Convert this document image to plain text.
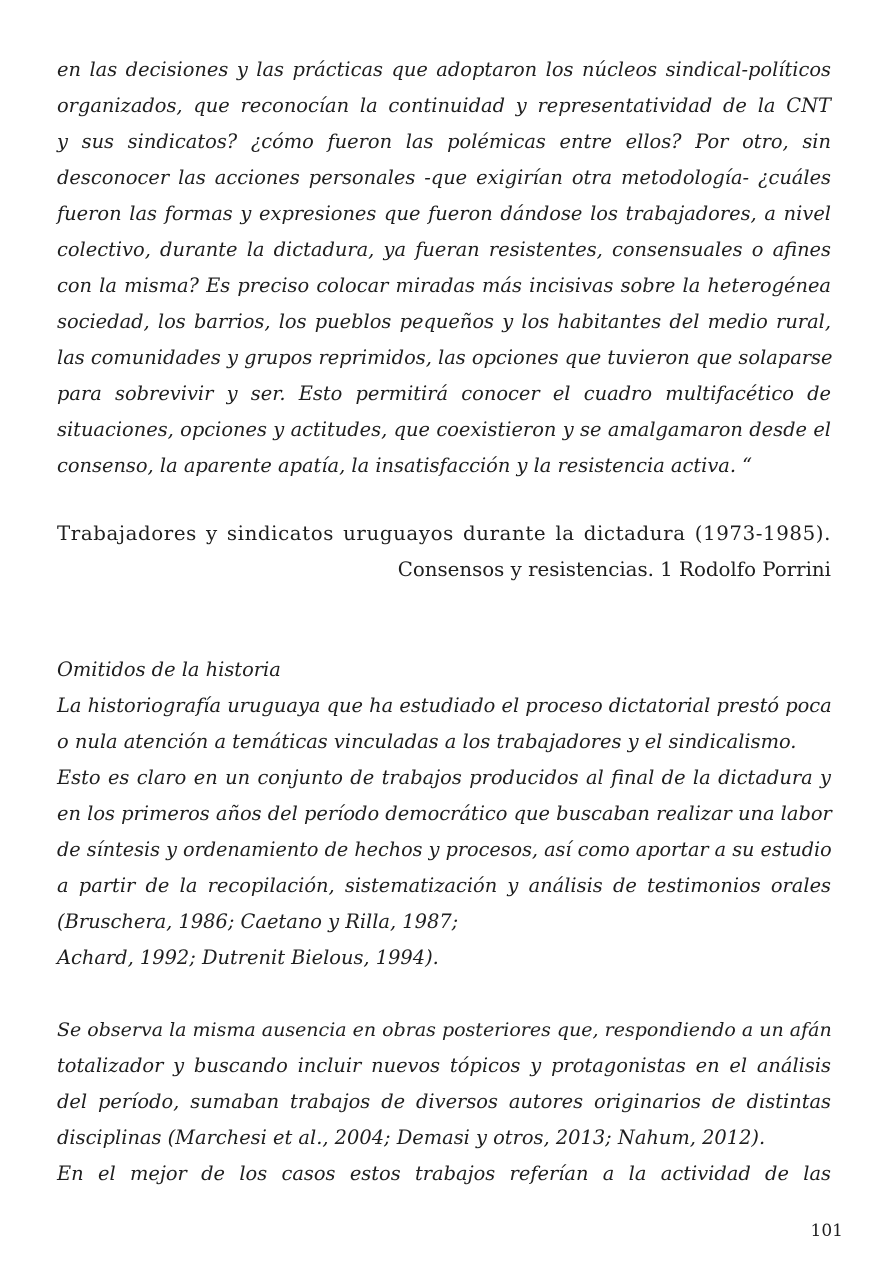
en las decisiones y las prácticas que adoptaron los núcleos sindical-políticos
organizados, que reconocían la continuidad y representatividad de la CNT
y sus sindicatos? ¿cómo fueron las polémicas entre ellos? Por otro, sin
desconocer las acciones personales -que exigirían otra metodología- ¿cuáles
fueron las formas y expresiones que fueron dándose los trabajadores, a nivel
colectivo, durante la dictadura, ya fueran resistentes, consensuales o afines
con la misma? Es preciso colocar miradas más incisivas sobre la heterogénea
sociedad, los barrios, los pueblos pequeños y los habitantes del medio rural,
las comunidades y grupos reprimidos, las opciones que tuvieron que solaparse
para sobrevivir y ser. Esto permitirá conocer el cuadro multifacético de
situaciones, opciones y actitudes, que coexistieron y se amalgamaron desde el
consenso, la aparente apatía, la insatisfacción y la resistencia activa. “
Trabajadores y sindicatos uruguayos durante la dictadura (1973-1985).
Consensos y resistencias. 1 Rodolfo Porrini
Omitidos de la historia
La historiografía uruguaya que ha estudiado el proceso dictatorial prestó poca
o nula atención a temáticas vinculadas a los trabajadores y el sindicalismo.
Esto es claro en un conjunto de trabajos producidos al final de la dictadura y
en los primeros años del período democrático que buscaban realizar una labor
de síntesis y ordenamiento de hechos y procesos, así como aportar a su estudio
a partir de la recopilación, sistematización y análisis de testimonios orales
(Bruschera, 1986; Caetano y Rilla, 1987;
Achard, 1992; Dutrenit Bielous, 1994).
Se observa la misma ausencia en obras posteriores que, respondiendo a un afán
totalizador y buscando incluir nuevos tópicos y protagonistas en el análisis
del período, sumaban trabajos de diversos autores originarios de distintas
disciplinas (Marchesi et al., 2004; Demasi y otros, 2013; Nahum, 2012).
En el mejor de los casos estos trabajos referían a la actividad de las
101
